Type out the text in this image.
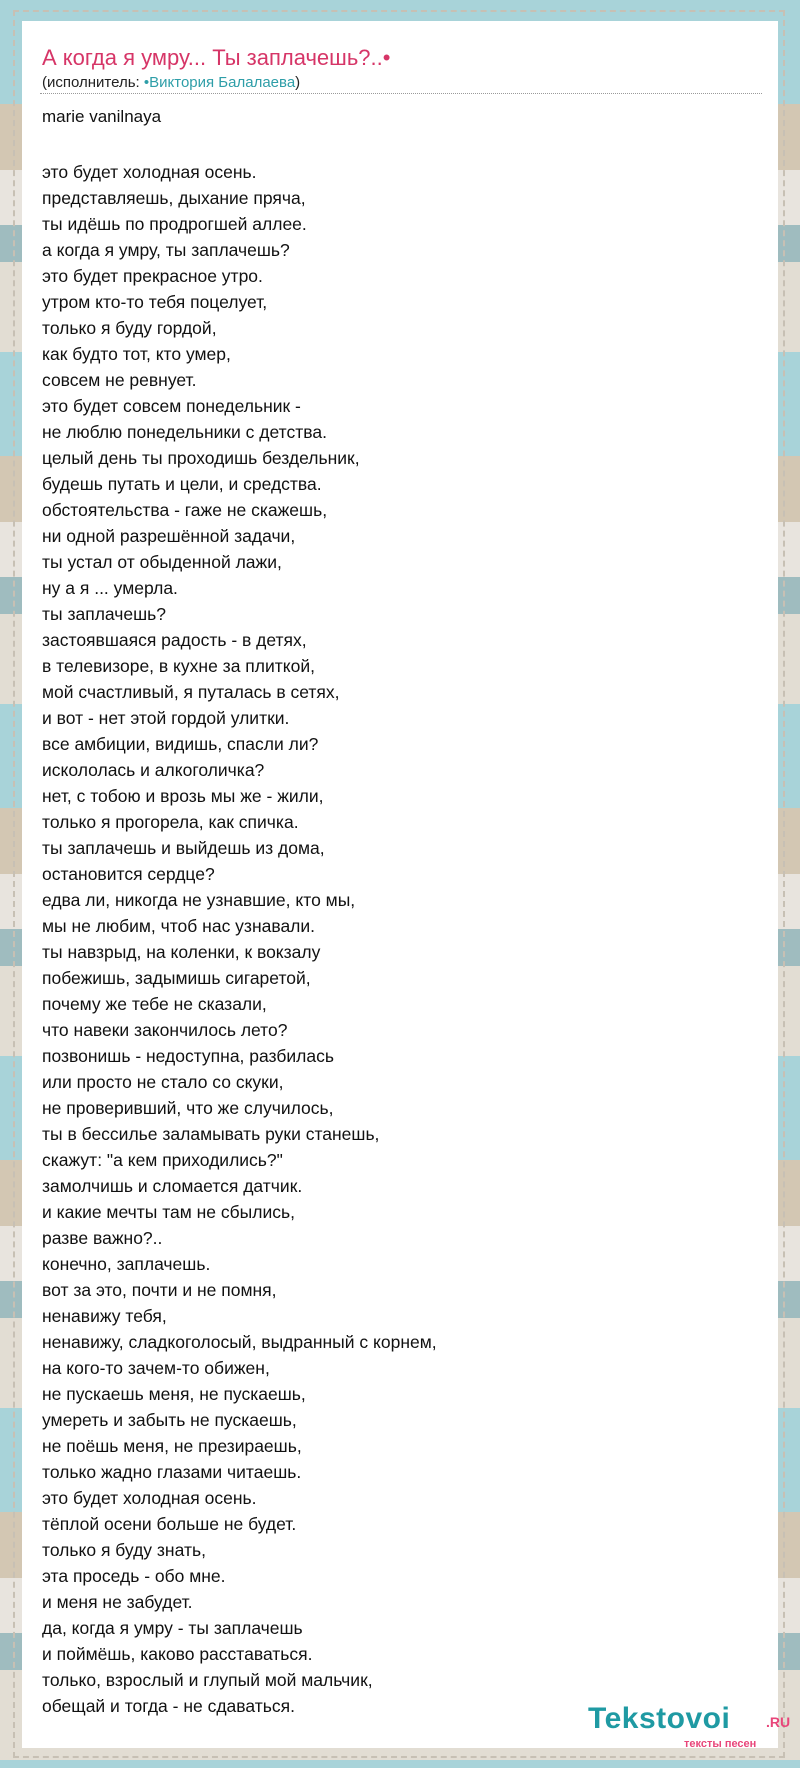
А когда я умру... Ты заплачешь?..•
(исполнитель: •Виктория Балалаева)
marie vanilnaya
это будет холодная осень.
представляешь, дыхание пряча,
ты идёшь по продрогшей аллее.
а когда я умру, ты заплачешь?
это будет прекрасное утро.
утром кто-то тебя поцелует,
только я буду гордой,
как будто тот, кто умер,
совсем не ревнует.
это будет совсем понедельник -
не люблю понедельники с детства.
целый день ты проходишь бездельник,
будешь путать и цели, и средства.
обстоятельства - гаже не скажешь,
ни одной разрешённой задачи,
ты устал от обыденной лажи,
ну а я ... умерла.
ты заплачешь?
застоявшаяся радость - в детях,
в телевизоре, в кухне за плиткой,
мой счастливый, я путалась в сетях,
и вот - нет этой гордой улитки.
все амбиции, видишь, спасли ли?
искололась и алкоголичка?
нет, с тобою и врозь мы же - жили,
только я прогорела, как спичка.
ты заплачешь и выйдешь из дома,
остановится сердце?
едва ли, никогда не узнавшие, кто мы,
мы не любим, чтоб нас узнавали.
ты навзрыд, на коленки, к вокзалу
побежишь, задымишь сигаретой,
почему же тебе не сказали,
что навеки закончилось лето?
позвонишь - недоступна, разбилась
или просто не стало со скуки,
не проверивший, что же случилось,
ты в бессилье заламывать руки станешь,
скажут: "а кем приходились?"
замолчишь и сломается датчик.
и какие мечты там не сбылись,
разве важно?..
конечно, заплачешь.
вот за это, почти и не помня,
ненавижу тебя,
ненавижу, сладкоголосый, выдранный с корнем,
на кого-то зачем-то обижен,
не пускаешь меня, не пускаешь,
умереть и забыть не пускаешь,
не поёшь меня, не презираешь,
только жадно глазами читаешь.
это будет холодная осень.
тёплой осени больше не будет.
только я буду знать,
эта проседь - обо мне.
и меня не забудет.
да, когда я умру - ты заплачешь
и поймёшь, каково расставаться.
только, взрослый и глупый мой мальчик,
обещай и тогда - не сдаваться.	Tekstovoi	.RU
тексты песен
